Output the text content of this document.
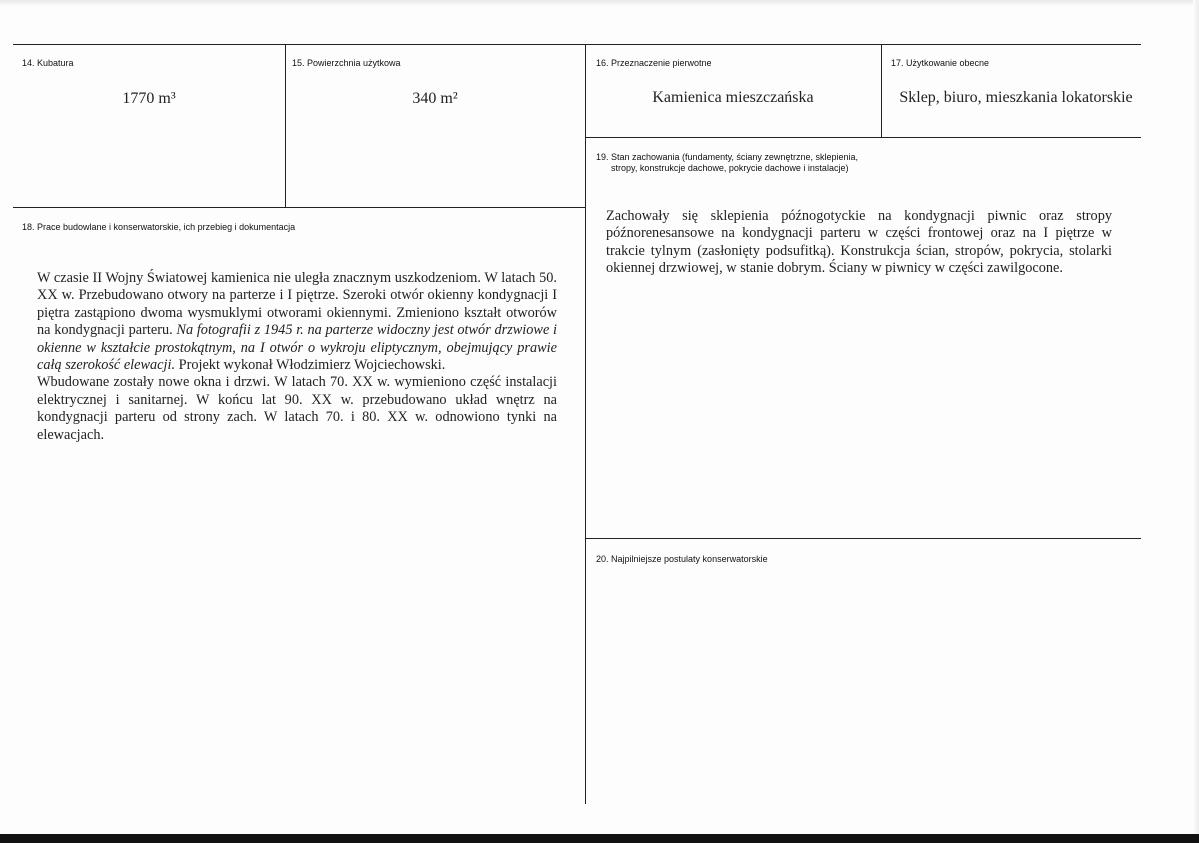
14. Kubatura
1770 m³
15. Powierzchnia użytkowa
340 m²
16. Przeznaczenie pierwotne
Kamienica mieszczańska
17. Użytkowanie obecne
Sklep, biuro, mieszkania lokatorskie
19. Stan zachowania (fundamenty, ściany zewnętrzne, sklepienia,
stropy, konstrukcje dachowe, pokrycie dachowe i instalacje)

Zachowały się sklepienia późnogotyckie na kondygnacji piwnic oraz stropy późnorenesansowe na kondygnacji parteru w części frontowej oraz na I piętrze w trakcie tylnym (zasłonięty podsufitką). Konstrukcja ścian, stropów, pokrycia, stolarki okiennej drzwiowej, w stanie dobrym. Ściany w piwnicy w części zawilgocone.

18. Prace budowlane i konserwatorskie, ich przebieg i dokumentacja

W czasie II Wojny Światowej kamienica nie uległa znacznym uszkodzeniom. W latach 50. XX w. Przebudowano otwory na parterze i I piętrze. Szeroki otwór okienny kondygnacji I piętra zastąpiono dwoma wysmuklymi otworami okiennymi. Zmieniono kształt otworów na kondygnacji parteru. Na fotografii z 1945 r. na parterze widoczny jest otwór drzwiowe i okienne w kształcie prostokątnym, na I otwór o wykroju eliptycznym, obejmujący prawie całą szerokość elewacji. Projekt wykonał Włodzimierz Wojciechowski.

Wbudowane zostały nowe okna i drzwi. W latach 70. XX w. wymieniono część instalacji elektrycznej i sanitarnej. W końcu lat 90. XX w. przebudowano układ wnętrz na kondygnacji parteru od strony zach. W latach 70. i 80. XX w. odnowiono tynki na elewacjach.

20. Najpilniejsze postulaty konserwatorskie
